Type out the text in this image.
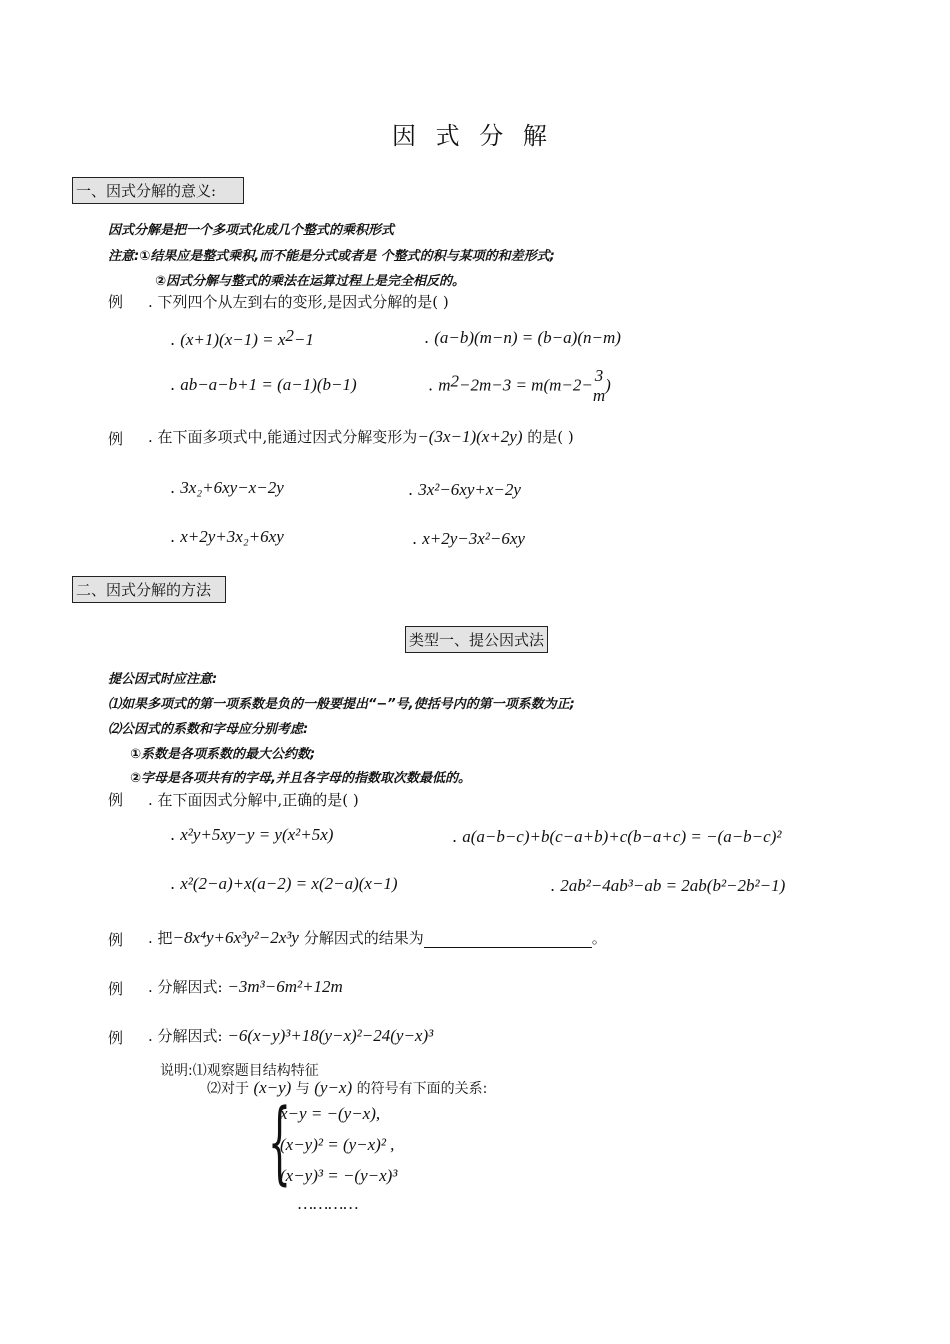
因 式 分 解
一、因式分解的意义:
因式分解是把一个多项式化成几个整式的乘积形式
注意:①结果应是整式乘积,而不能是分式或者是 个整式的积与某项的和差形式;
②因式分解与整式的乘法在运算过程上是完全相反的。
例 . 下列四个从左到右的变形,是因式分解的是( )
. $(x+1)(x-1) = x^2-1$	. (a−b)(m−n) = (b−a)(n−m)
. ab−a−b+1 = (a−1)(b−1)	. $m^2-2m-3 = m(m-2- 3$
m
)
例 . 在下面多项式中,能通过因式分解变形为−(3x−1)(x+2y) 的是( )
. 3x₂+6xy−x−2y	. 3x²−6xy+x−2y
. x+2y+3x₂+6xy	. x+2y−3x²−6xy
二、因式分解的方法
类型一、提公因式法
提公因式时应注意:
⑴如果多项式的第一项系数是负的一般要提出“−”号,使括号内的第一项系数为正;
⑵公因式的系数和字母应分别考虑:
①系数是各项系数的最大公约数;
②字母是各项共有的字母,并且各字母的指数取次数最低的。
例 . 在下面因式分解中,正确的是( )
. x²y+5xy−y = y(x²+5x)	. a(a−b−c)+b(c−a+b)+c(b−a+c) = −(a−b−c)²
. x²(2−a)+x(a−2) = x(2−a)(x−1)	. 2ab²−4ab³−ab = 2ab(b²−2b²−1)
例 . 把−8x⁴y+6x³y²−2x³y 分解因式的结果为	。
例 . 分解因式: −3m³−6m²+12m
例 . 分解因式: −6(x−y)³+18(y−x)²−24(y−x)³
说明:⑴观察题目结构特征
⑵对于 (x−y) 与 (y−x) 的符号有下面的关系:
{
x−y = −(y−x),
(x−y)² = (y−x)² ,
(x−y)³ = −(y−x)³
…………
